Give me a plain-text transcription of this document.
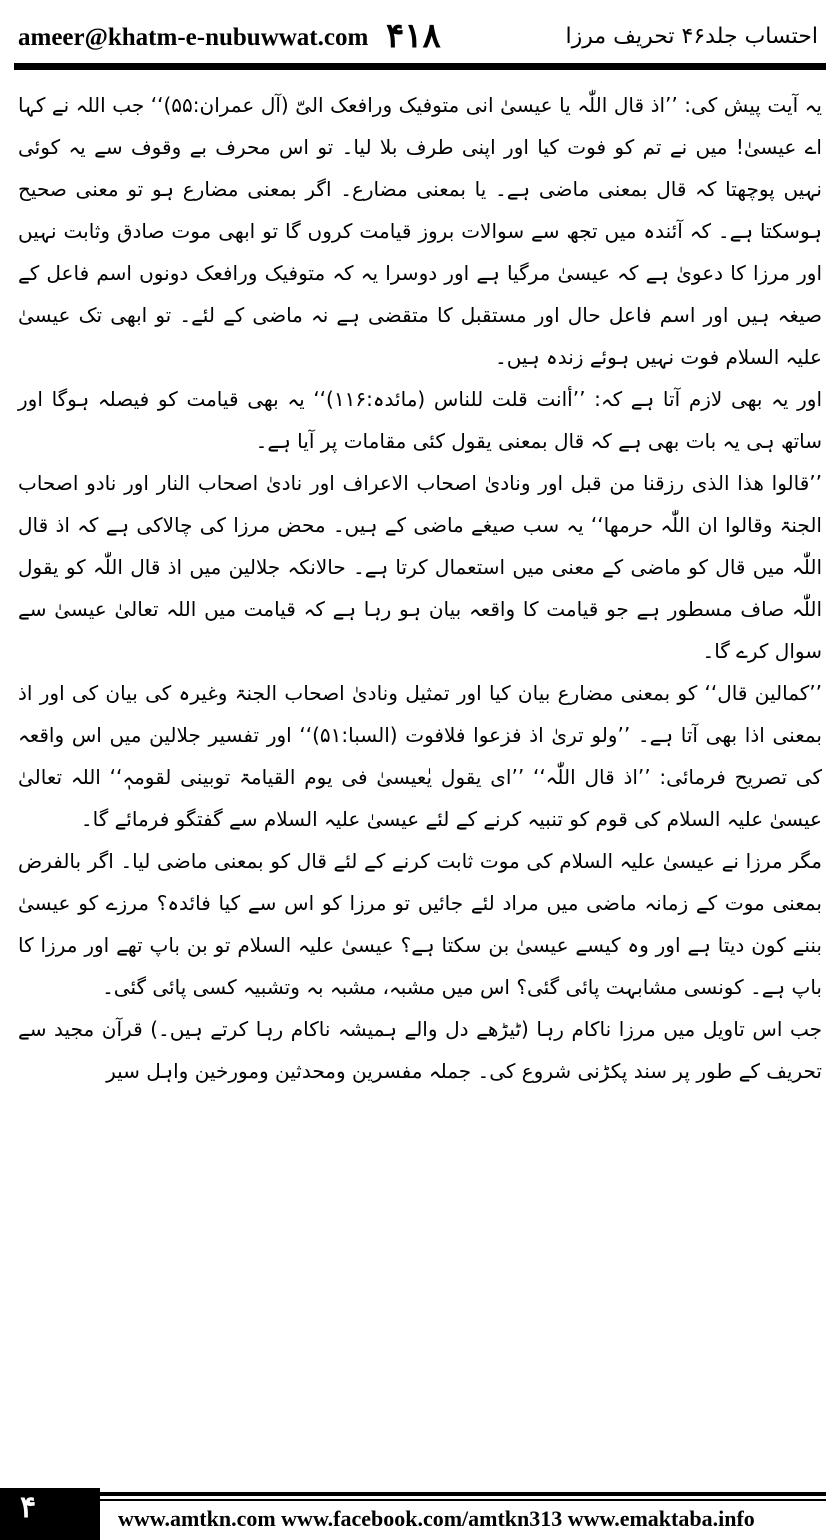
ameer@khatm-e-nubuwwat.com ۴۱۸	احتساب جلد۴۶ تحریف مرزا

یہ آیت پیش کی: ’’اذ قال اللّٰہ یا عیسیٰ انی متوفیک ورافعک الیّ (آل عمران:۵۵)‘‘ جب اللہ نے کہا اے عیسیٰ! میں نے تم کو فوت کیا اور اپنی طرف بلا لیا۔ تو اس محرف بے وقوف سے یہ کوئی نہیں پوچھتا کہ قال بمعنی ماضی ہے۔ یا بمعنی مضارع۔ اگر بمعنی مضارع ہو تو معنی صحیح ہوسکتا ہے۔ کہ آئندہ میں تجھ سے سوالات بروز قیامت کروں گا تو ابھی موت صادق وثابت نہیں اور مرزا کا دعویٰ ہے کہ عیسیٰ مرگیا ہے اور دوسرا یہ کہ متوفیک ورافعک دونوں اسم فاعل کے صیغہ ہیں اور اسم فاعل حال اور مستقبل کا متقضی ہے نہ ماضی کے لئے۔ تو ابھی تک عیسیٰ علیہ السلام فوت نہیں ہوئے زندہ ہیں۔

اور یہ بھی لازم آتا ہے کہ: ’’أانت قلت للناس (مائدہ:۱۱۶)‘‘ یہ بھی قیامت کو فیصلہ ہوگا اور ساتھ ہی یہ بات بھی ہے کہ قال بمعنی یقول کئی مقامات پر آیا ہے۔

’’قالوا ھذا الذی رزقنا من قبل اور ونادیٰ اصحاب الاعراف اور نادیٰ اصحاب النار اور نادو اصحاب الجنۃ وقالوا ان اللّٰہ حرمھا‘‘ یہ سب صیغے ماضی کے ہیں۔ محض مرزا کی چالاکی ہے کہ اذ قال اللّٰہ میں قال کو ماضی کے معنی میں استعمال کرتا ہے۔ حالانکہ جلالین میں اذ قال اللّٰہ کو یقول اللّٰہ صاف مسطور ہے جو قیامت کا واقعہ بیان ہو رہا ہے کہ قیامت میں اللہ تعالیٰ عیسیٰ سے سوال کرے گا۔

’’کمالین قال‘‘ کو بمعنی مضارع بیان کیا اور تمثیل ونادیٰ اصحاب الجنۃ وغیرہ کی بیان کی اور اذ بمعنی اذا بھی آتا ہے۔ ’’ولو تریٰ اذ فزعوا فلافوت (السبا:۵۱)‘‘ اور تفسیر جلالین میں اس واقعہ کی تصریح فرمائی: ’’اذ قال اللّٰہ‘‘ ’’ای یقول یٰعیسیٰ فی یوم القیامۃ توبینی لقومہٖ‘‘ اللہ تعالیٰ عیسیٰ علیہ السلام کی قوم کو تنبیہ کرنے کے لئے عیسیٰ علیہ السلام سے گفتگو فرمائے گا۔

مگر مرزا نے عیسیٰ علیہ السلام کی موت ثابت کرنے کے لئے قال کو بمعنی ماضی لیا۔ اگر بالفرض بمعنی موت کے زمانہ ماضی میں مراد لئے جائیں تو مرزا کو اس سے کیا فائدہ؟ مرزے کو عیسیٰ بننے کون دیتا ہے اور وہ کیسے عیسیٰ بن سکتا ہے؟ عیسیٰ علیہ السلام تو بن باپ تھے اور مرزا کا باپ ہے۔ کونسی مشابہت پائی گئی؟ اس میں مشبہ، مشبہ بہ وتشبیہ کسی پائی گئی۔

جب اس تاویل میں مرزا ناکام رہا (ٹیڑھے دل والے ہمیشہ ناکام رہا کرتے ہیں۔) قرآن مجید سے تحریف کے طور پر سند پکڑنی شروع کی۔ جملہ مفسرین ومحدثین ومورخین واہل سیر

۴	www.amtkn.com www.facebook.com/amtkn313 www.emaktaba.info
